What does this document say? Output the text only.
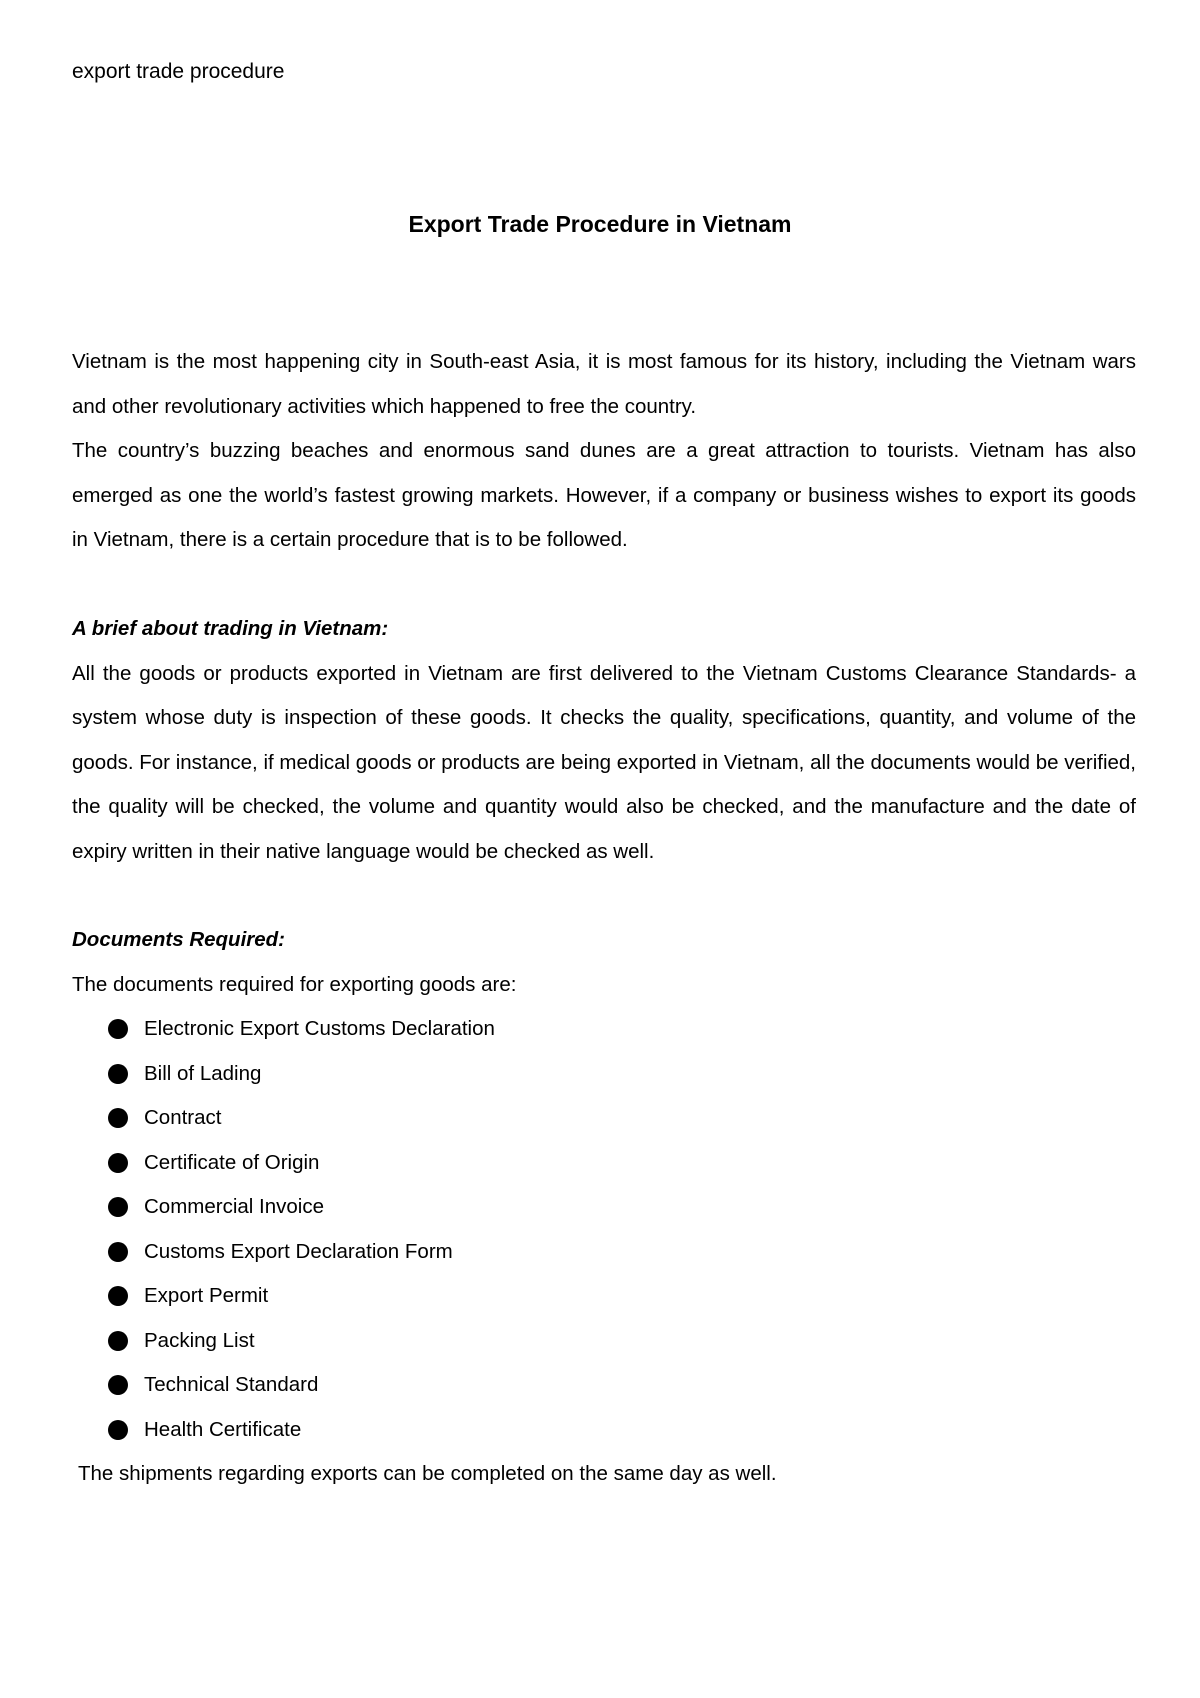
export trade procedure
Export Trade Procedure in Vietnam

Vietnam is the most happening city in South-east Asia, it is most famous for its history, including the Vietnam wars and other revolutionary activities which happened to free the country.

The country’s buzzing beaches and enormous sand dunes are a great attraction to tourists. Vietnam has also emerged as one the world’s fastest growing markets. However, if a company or business wishes to export its goods in Vietnam, there is a certain procedure that is to be followed.

A brief about trading in Vietnam:

All the goods or products exported in Vietnam are first delivered to the Vietnam Customs Clearance Standards- a system whose duty is inspection of these goods. It checks the quality, specifications, quantity, and volume of the goods. For instance, if medical goods or products are being exported in Vietnam, all the documents would be verified, the quality will be checked, the volume and quantity would also be checked, and the manufacture and the date of expiry written in their native language would be checked as well.

Documents Required:

The documents required for exporting goods are:

Electronic Export Customs Declaration
Bill of Lading
Contract
Certificate of Origin
Commercial Invoice
Customs Export Declaration Form
Export Permit
Packing List
Technical Standard
Health Certificate

The shipments regarding exports can be completed on the same day as well.
